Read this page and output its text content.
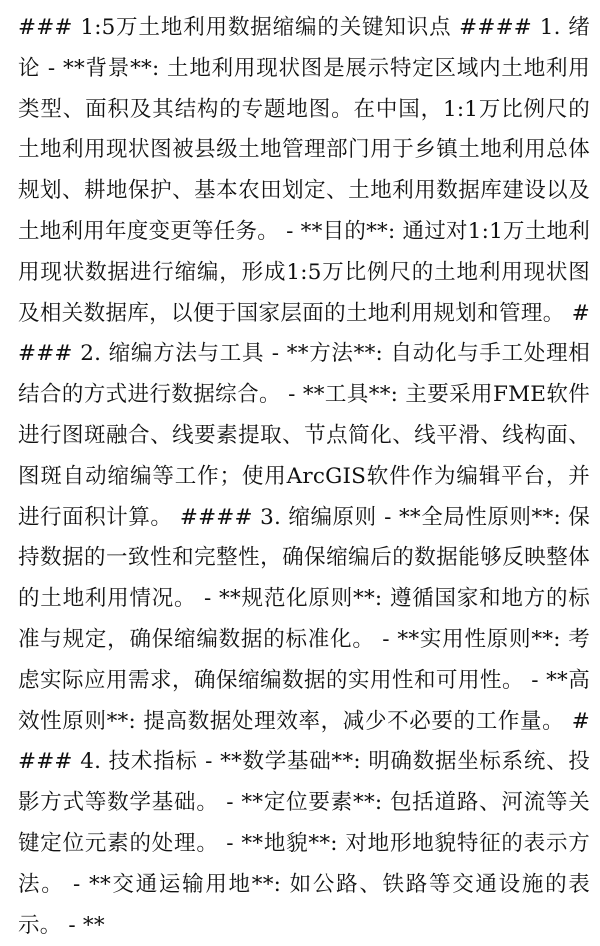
### 1:5万土地利用数据缩编的关键知识点 #### 1. 绪论 - **背景**: 土地利用现状图是展示特定区域内土地利用类型、面积及其结构的专题地图。在中国，1:1万比例尺的土地利用现状图被县级土地管理部门用于乡镇土地利用总体规划、耕地保护、基本农田划定、土地利用数据库建设以及土地利用年度变更等任务。 - **目的**: 通过对1:1万土地利用现状数据进行缩编，形成1:5万比例尺的土地利用现状图及相关数据库，以便于国家层面的土地利用规划和管理。 #### 2. 缩编方法与工具 - **方法**: 自动化与手工处理相结合的方式进行数据综合。 - **工具**: 主要采用FME软件进行图斑融合、线要素提取、节点简化、线平滑、线构面、图斑自动缩编等工作；使用ArcGIS软件作为编辑平台，并进行面积计算。 #### 3. 缩编原则 - **全局性原则**: 保持数据的一致性和完整性，确保缩编后的数据能够反映整体的土地利用情况。 - **规范化原则**: 遵循国家和地方的标准与规定，确保缩编数据的标准化。 - **实用性原则**: 考虑实际应用需求，确保缩编数据的实用性和可用性。 - **高效性原则**: 提高数据处理效率，减少不必要的工作量。 #### 4. 技术指标 - **数学基础**: 明确数据坐标系统、投影方式等数学基础。 - **定位要素**: 包括道路、河流等关键定位元素的处理。 - **地貌**: 对地形地貌特征的表示方法。 - **交通运输用地**: 如公路、铁路等交通设施的表示。 - **
